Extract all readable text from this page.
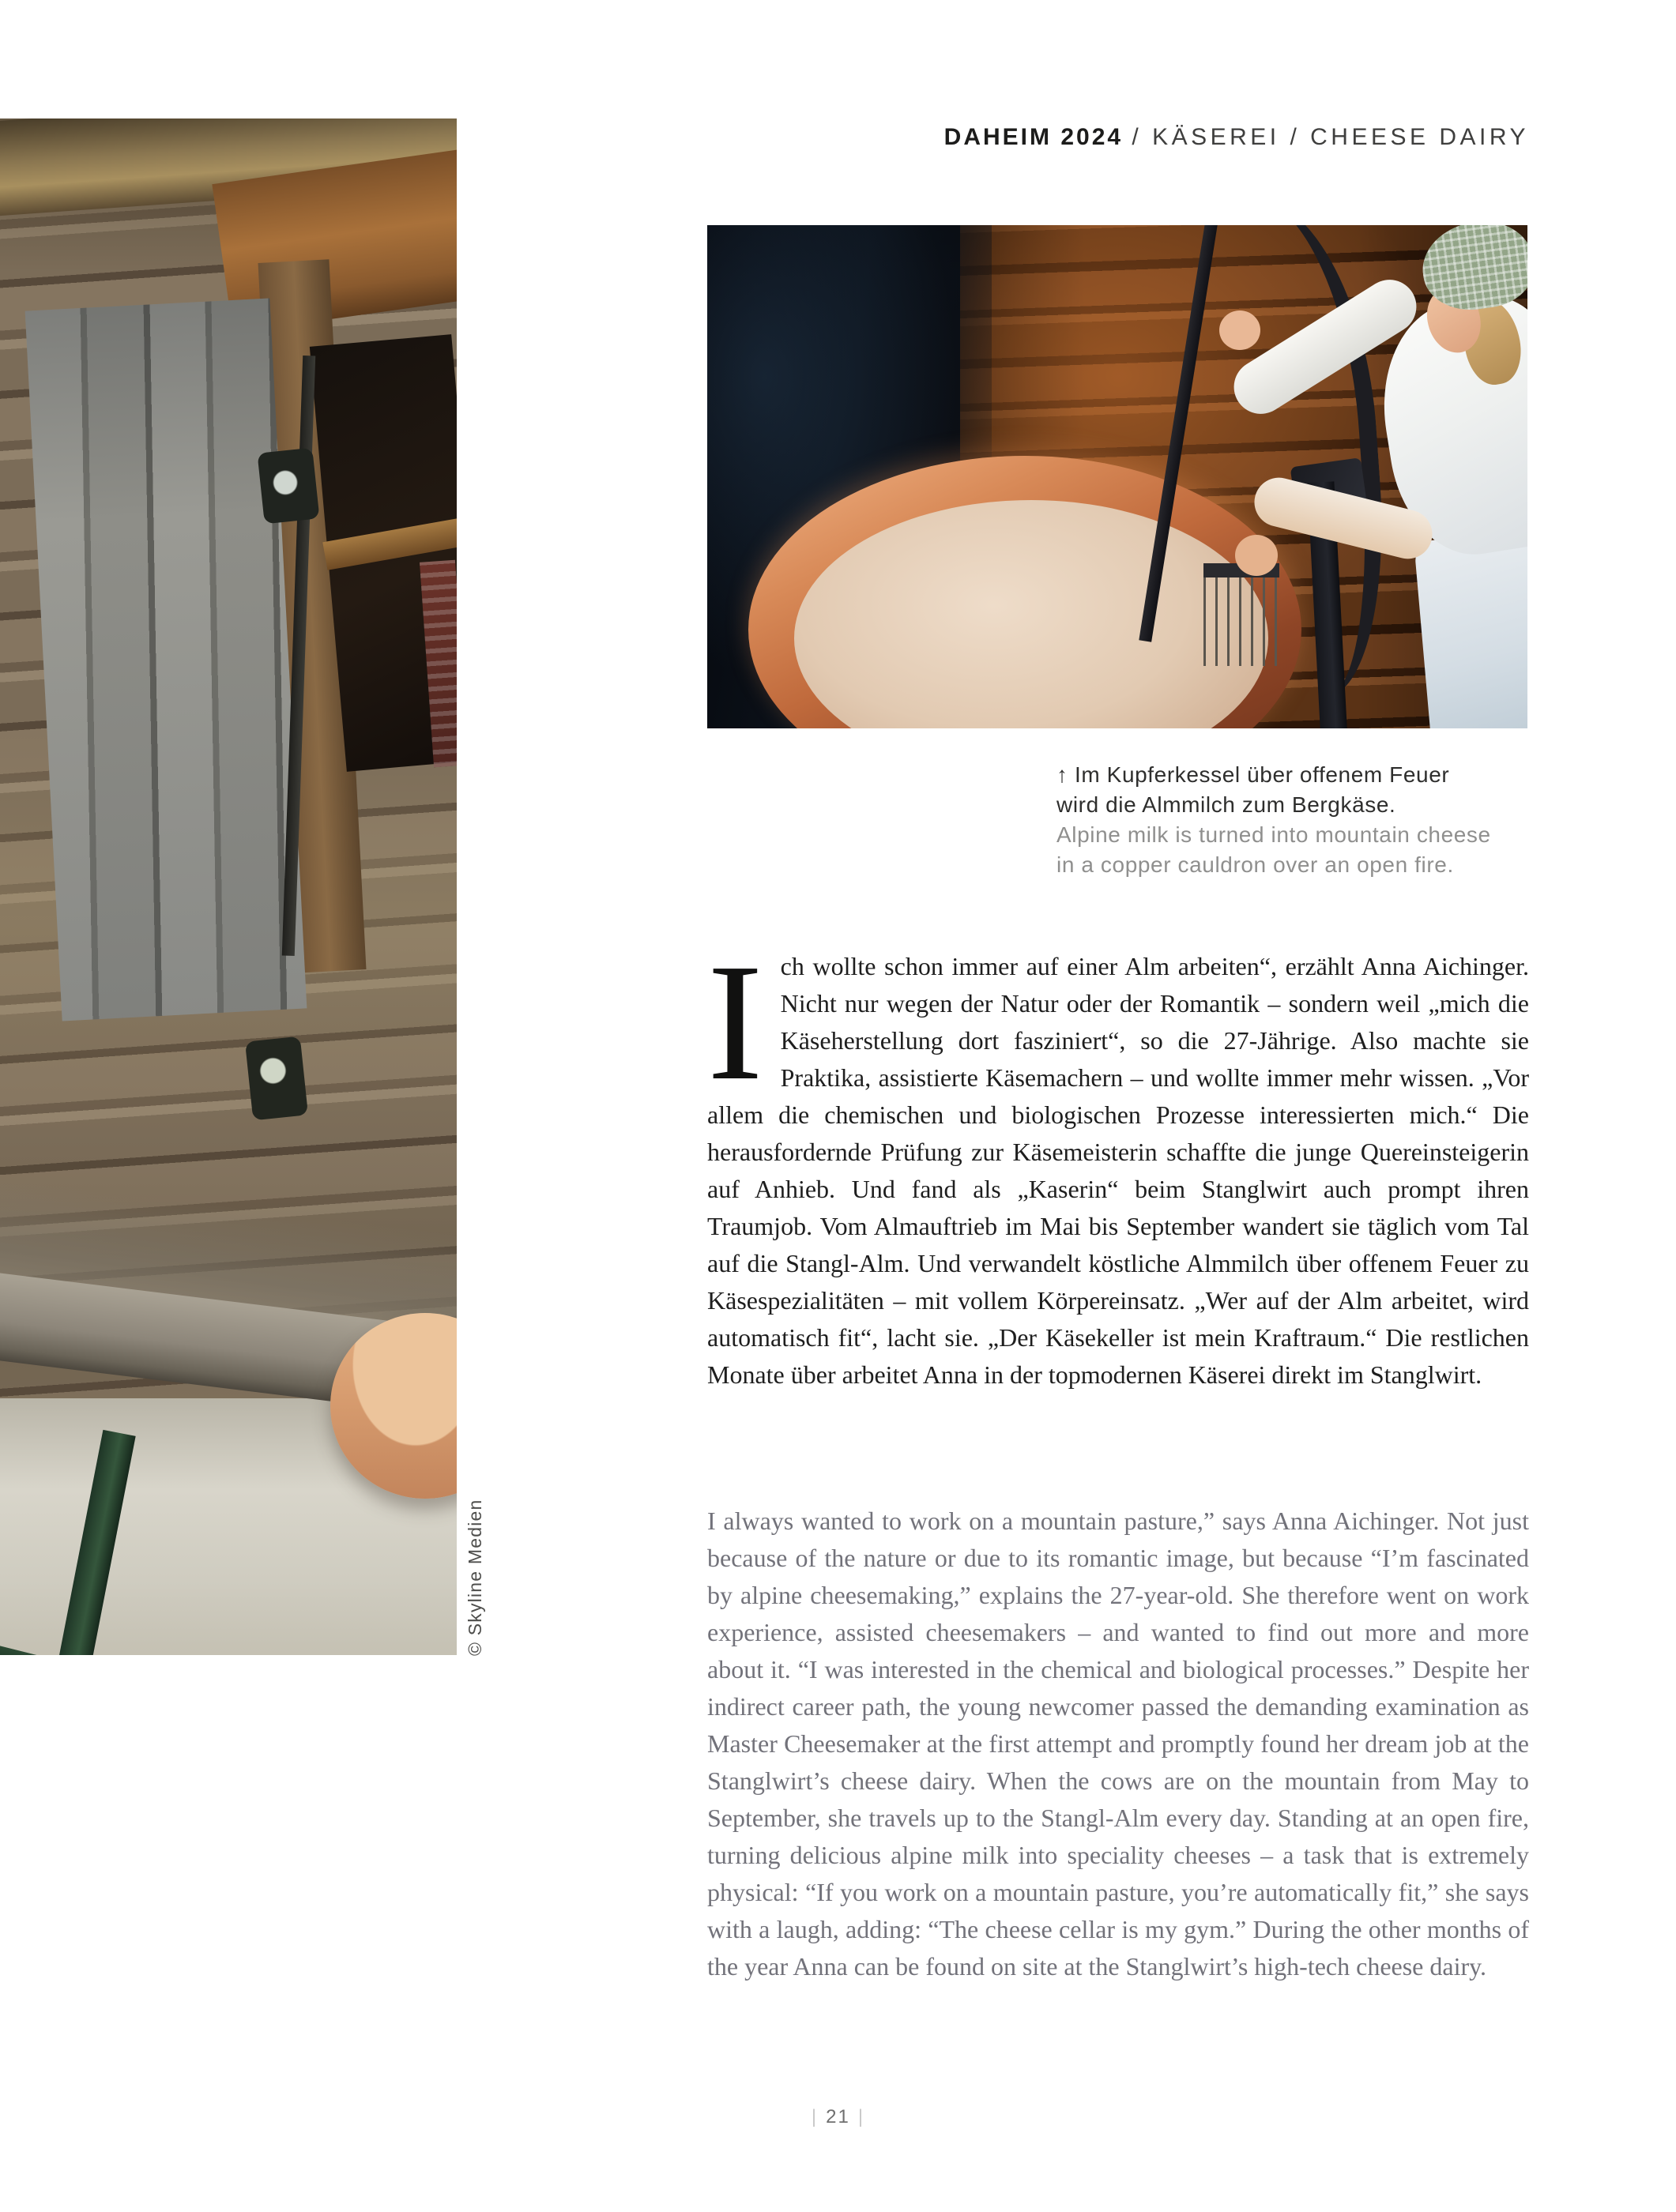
DAHEIM 2024 / KÄSEREI / CHEESE DAIRY
© Skyline Medien
↑ Im Kupferkessel über offenem Feuer
wird die Almmilch zum Bergkäse.
Alpine milk is turned into mountain cheese
in a copper cauldron over an open fire.
Ich wollte schon immer auf einer Alm arbeiten“, erzählt Anna Aichinger. Nicht nur wegen der Natur oder der Romantik – sondern weil „mich die Käseherstellung dort fasziniert“, so die 27-Jährige. Also machte sie Praktika, assistierte Käsemachern – und wollte immer mehr wissen. „Vor allem die chemischen und biologischen Prozesse interessierten mich.“ Die herausfordernde Prüfung zur Käsemeisterin schaffte die junge Quereinsteigerin auf Anhieb. Und fand als „Kaserin“ beim Stanglwirt auch prompt ihren Traumjob. Vom Almauftrieb im Mai bis September wandert sie täglich vom Tal auf die Stangl-Alm. Und verwandelt köstliche Almmilch über offenem Feuer zu Käsespezialitäten – mit vollem Körpereinsatz. „Wer auf der Alm arbeitet, wird automatisch fit“, lacht sie. „Der Käsekeller ist mein Kraftraum.“ Die restlichen Monate über arbeitet Anna in der topmodernen Käserei direkt im Stanglwirt.
I always wanted to work on a mountain pasture,” says Anna Aichinger. Not just because of the nature or due to its romantic image, but because “I’m fascinated by alpine cheesemaking,” explains the 27-year-old. She therefore went on work experience, assisted cheesemakers – and wanted to find out more and more about it. “I was interested in the chemical and biological processes.” Despite her indirect career path, the young newcomer passed the demanding examination as Master Cheesemaker at the first attempt and promptly found her dream job at the Stanglwirt’s cheese dairy. When the cows are on the mountain from May to September, she travels up to the Stangl-Alm every day. Standing at an open fire, turning delicious alpine milk into speciality cheeses – a task that is extremely physical: “If you work on a mountain pasture, you’re automatically fit,” she says with a laugh, adding: “The cheese cellar is my gym.” During the other months of the year Anna can be found on site at the Stanglwirt’s high-tech cheese dairy.
| 21 |
